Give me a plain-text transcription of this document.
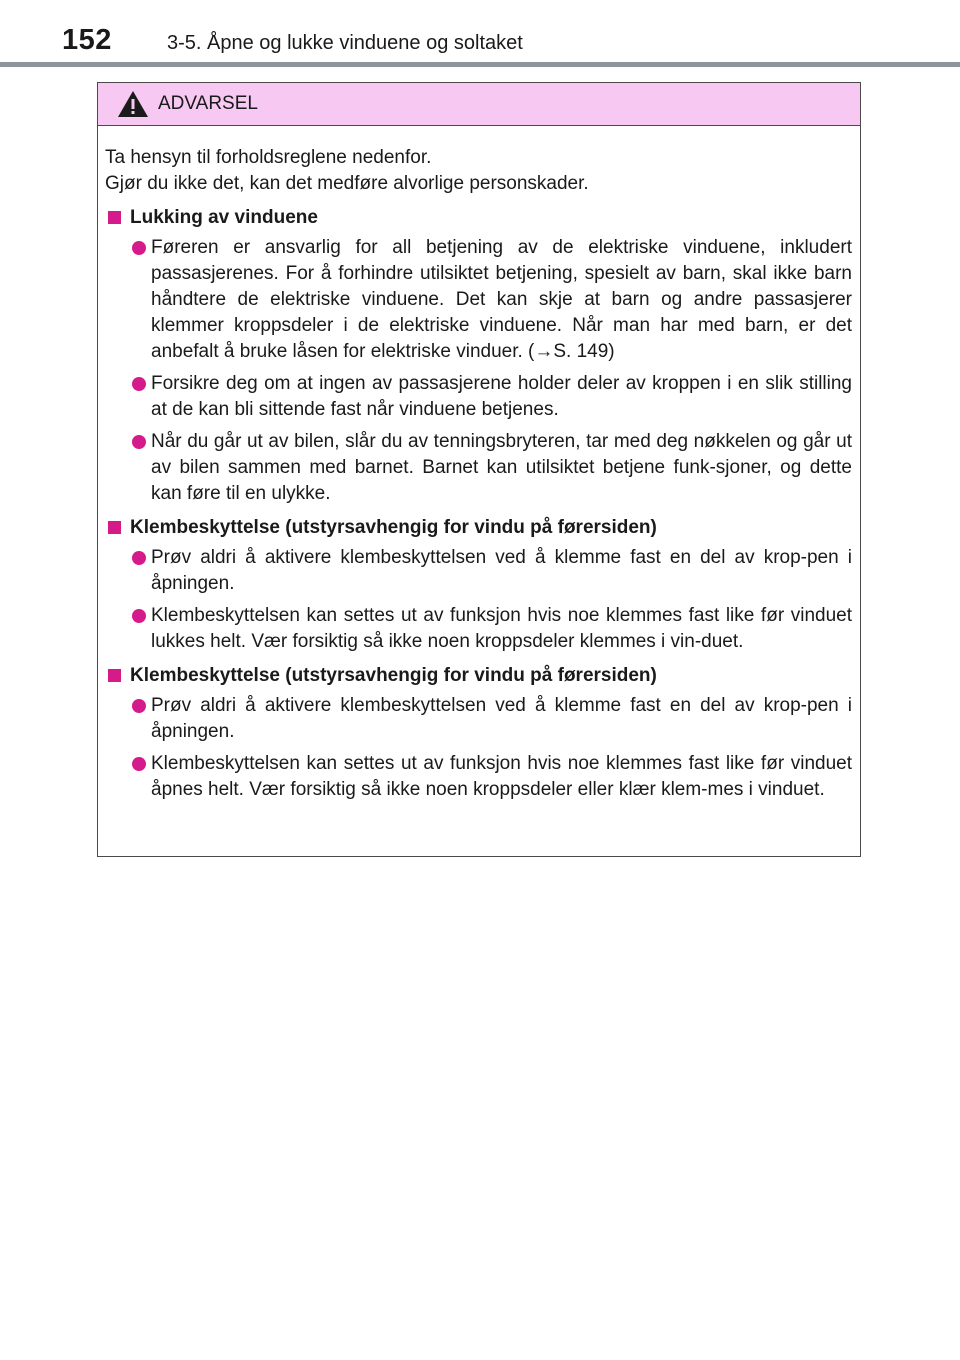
152	3-5. Åpne og lukke vinduene og soltaket
ADVARSEL

Ta hensyn til forholdsreglene nedenfor.

Gjør du ikke det, kan det medføre alvorlige personskader.

Lukking av vinduene
Føreren er ansvarlig for all betjening av de elektriske vinduene, inkludert passasjerenes. For å forhindre utilsiktet betjening, spesielt av barn, skal ikke barn håndtere de elektriske vinduene. Det kan skje at barn og andre passasjerer klemmer kroppsdeler i de elektriske vinduene. Når man har med barn, er det anbefalt å bruke låsen for elektriske vinduer. (→S. 149)
Forsikre deg om at ingen av passasjerene holder deler av kroppen i en slik stilling at de kan bli sittende fast når vinduene betjenes.
Når du går ut av bilen, slår du av tenningsbryteren, tar med deg nøkkelen og går ut av bilen sammen med barnet. Barnet kan utilsiktet betjene funk-sjoner, og dette kan føre til en ulykke.
Klembeskyttelse (utstyrsavhengig for vindu på førersiden)
Prøv aldri å aktivere klembeskyttelsen ved å klemme fast en del av krop-pen i åpningen.
Klembeskyttelsen kan settes ut av funksjon hvis noe klemmes fast like før vinduet lukkes helt. Vær forsiktig så ikke noen kroppsdeler klemmes i vin-duet.
Klembeskyttelse (utstyrsavhengig for vindu på førersiden)
Prøv aldri å aktivere klembeskyttelsen ved å klemme fast en del av krop-pen i åpningen.
Klembeskyttelsen kan settes ut av funksjon hvis noe klemmes fast like før vinduet åpnes helt. Vær forsiktig så ikke noen kroppsdeler eller klær klem-mes i vinduet.
